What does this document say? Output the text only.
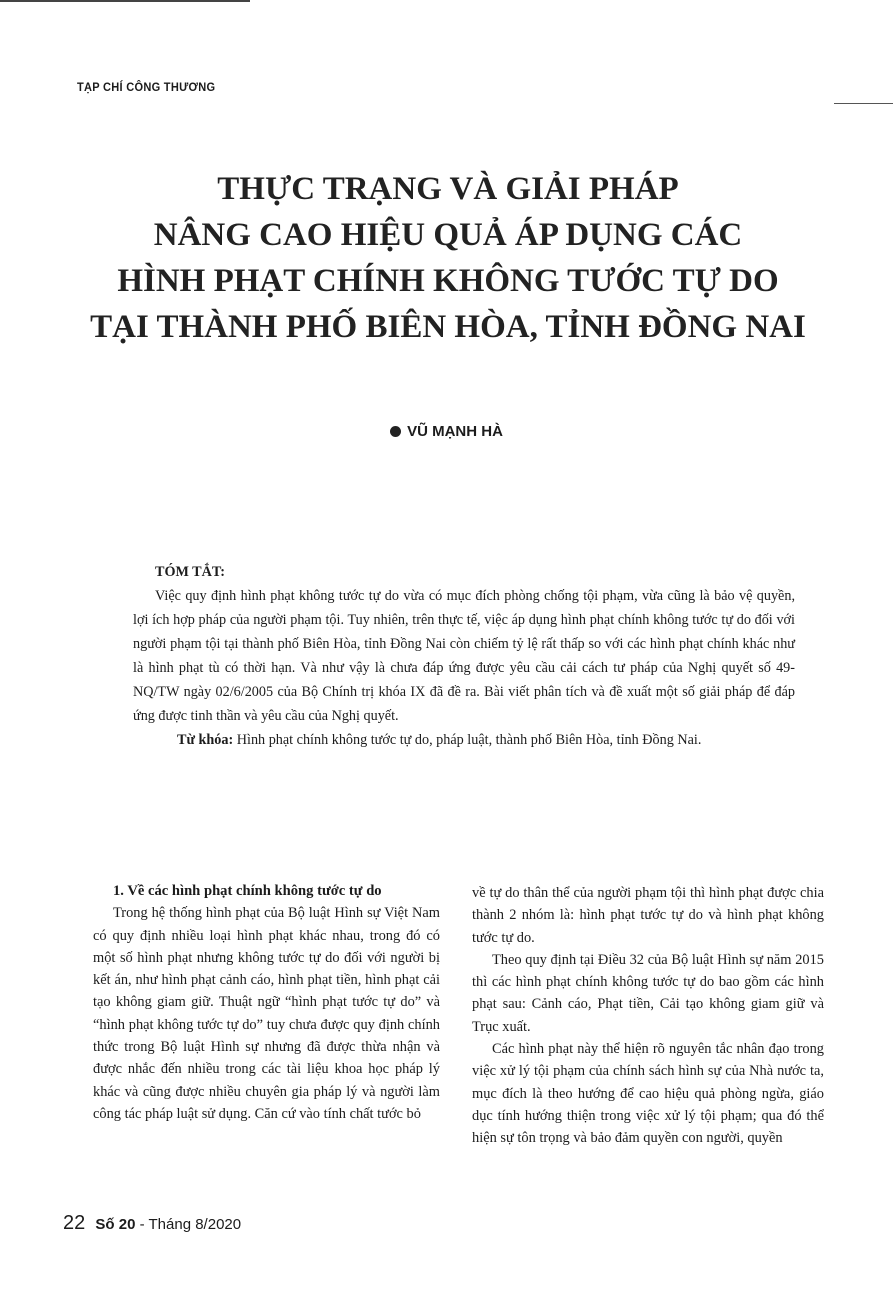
TẠP CHÍ CÔNG THƯƠNG
THỰC TRẠNG VÀ GIẢI PHÁP
NÂNG CAO HIỆU QUẢ ÁP DỤNG CÁC
HÌNH PHẠT CHÍNH KHÔNG TƯỚC TỰ DO
TẠI THÀNH PHỐ BIÊN HÒA, TỈNH ĐỒNG NAI
VŨ MẠNH HÀ
TÓM TẮT:

Việc quy định hình phạt không tước tự do vừa có mục đích phòng chống tội phạm, vừa cũng là bảo vệ quyền, lợi ích hợp pháp của người phạm tội. Tuy nhiên, trên thực tế, việc áp dụng hình phạt chính không tước tự do đối với người phạm tội tại thành phố Biên Hòa, tỉnh Đồng Nai còn chiếm tỷ lệ rất thấp so với các hình phạt chính khác như là hình phạt tù có thời hạn. Và như vậy là chưa đáp ứng được yêu cầu cải cách tư pháp của Nghị quyết số 49-NQ/TW ngày 02/6/2005 của Bộ Chính trị khóa IX đã đề ra. Bài viết phân tích và đề xuất một số giải pháp để đáp ứng được tinh thần và yêu cầu của Nghị quyết.

Từ khóa: Hình phạt chính không tước tự do, pháp luật, thành phố Biên Hòa, tỉnh Đồng Nai.

1. Về các hình phạt chính không tước tự do

Trong hệ thống hình phạt của Bộ luật Hình sự Việt Nam có quy định nhiều loại hình phạt khác nhau, trong đó có một số hình phạt nhưng không tước tự do đối với người bị kết án, như hình phạt cảnh cáo, hình phạt tiền, hình phạt cải tạo không giam giữ. Thuật ngữ “hình phạt tước tự do” và “hình phạt không tước tự do” tuy chưa được quy định chính thức trong Bộ luật Hình sự nhưng đã được thừa nhận và được nhắc đến nhiều trong các tài liệu khoa học pháp lý khác và cũng được nhiều chuyên gia pháp lý và người làm công tác pháp luật sử dụng. Căn cứ vào tính chất tước bỏ

về tự do thân thể của người phạm tội thì hình phạt được chia thành 2 nhóm là: hình phạt tước tự do và hình phạt không tước tự do.

Theo quy định tại Điều 32 của Bộ luật Hình sự năm 2015 thì các hình phạt chính không tước tự do bao gồm các hình phạt sau: Cảnh cáo, Phạt tiền, Cải tạo không giam giữ và Trục xuất.

Các hình phạt này thể hiện rõ nguyên tắc nhân đạo trong việc xử lý tội phạm của chính sách hình sự của Nhà nước ta, mục đích là theo hướng để cao hiệu quả phòng ngừa, giáo dục tính hướng thiện trong việc xử lý tội phạm; qua đó thể hiện sự tôn trọng và bảo đảm quyền con người, quyền

22 Số 20 - Tháng 8/2020
